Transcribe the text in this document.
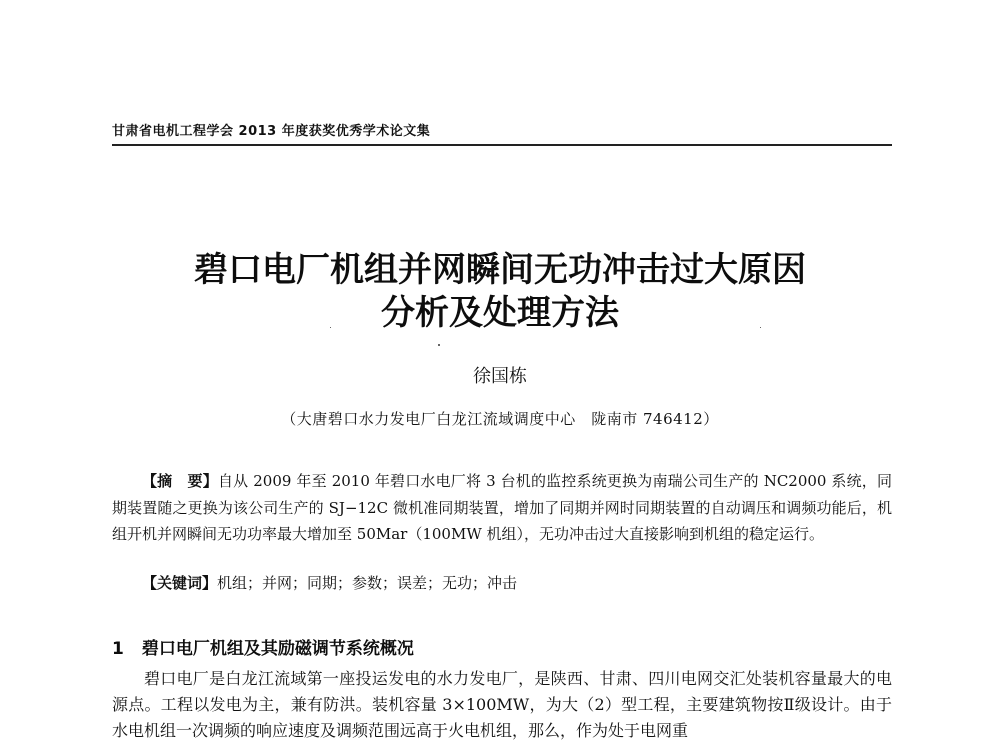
甘肃省电机工程学会 2013 年度获奖优秀学术论文集
碧口电厂机组并网瞬间无功冲击过大原因
分析及处理方法
徐国栋
（大唐碧口水力发电厂白龙江流域调度中心　陇南市 746412）

【摘　要】自从 2009 年至 2010 年碧口水电厂将 3 台机的监控系统更换为南瑞公司生产的 NC2000 系统，同期装置随之更换为该公司生产的 SJ−12C 微机准同期装置，增加了同期并网时同期装置的自动调压和调频功能后，机组开机并网瞬间无功功率最大增加至 50Mar（100MW 机组），无功冲击过大直接影响到机组的稳定运行。

【关键词】机组；并网；同期；参数；误差；无功；冲击
1 碧口电厂机组及其励磁调节系统概况

碧口电厂是白龙江流域第一座投运发电的水力发电厂，是陕西、甘肃、四川电网交汇处装机容量最大的电源点。工程以发电为主，兼有防洪。装机容量 3×100MW，为大（2）型工程，主要建筑物按Ⅱ级设计。由于水电机组一次调频的响应速度及调频范围远高于火电机组，那么，作为处于电网重
